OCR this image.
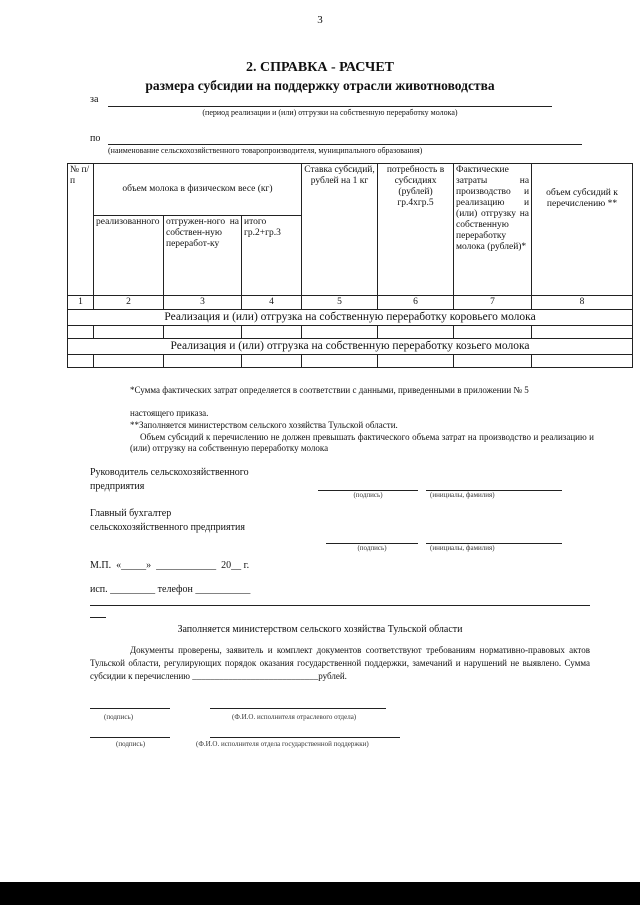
3
2. СПРАВКА - РАСЧЕТ
размера субсидии на поддержку отрасли животноводства
за
(период реализации и (или) отгрузки на собственную переработку молока)
по
(наименование сельскохозяйственного товаропроизводителя, муниципального образования)
№ п/п	объем молока в физическом весе (кг)			Ставка субсидий, рублей на 1 кг	потребность в субсидиях (рублей) гр.4хгр.5	Фактические затраты на производство и реализацию и (или) отгрузку на собственную переработку молока (рублей)*	объем субсидий к перечислению **
	реализованного	отгружен-ного на собствен-ную переработ-ку	итого гр.2+гр.3				
1	2	3	4	5	6	7	8
Реализация и (или) отгрузка на собственную переработку коровьего молока							

Реализация и (или) отгрузка на собственную переработку козьего молока							

*Сумма фактических затрат определяется в соответствии с данными, приведенными в приложении № 5
настоящего приказа.
**Заполняется министерством сельского хозяйства Тульской области.
Объем субсидий к перечислению не должен превышать фактического объема затрат на производство и реализацию и (или) отгрузку на собственную переработку молока
Руководитель сельскохозяйственного предприятия
(подпись)	(инициалы, фамилия)
Главный бухгалтер сельскохозяйственного предприятия
(подпись)	(инициалы, фамилия)
М.П.  «_____»  ____________  20__ г.
исп. _________ телефон ___________
Заполняется министерством сельского хозяйства Тульской области
Документы проверены, заявитель и комплект документов соответствуют требованиям нормативно-правовых актов Тульской области, регулирующих порядок оказания государственной поддержки, замечаний и нарушений не выявлено. Сумма субсидии к перечислению ____________________________рублей.
(подпись)	(Ф.И.О. исполнителя отраслевого отдела)
(подпись)	(Ф.И.О. исполнителя отдела государственной поддержки)
